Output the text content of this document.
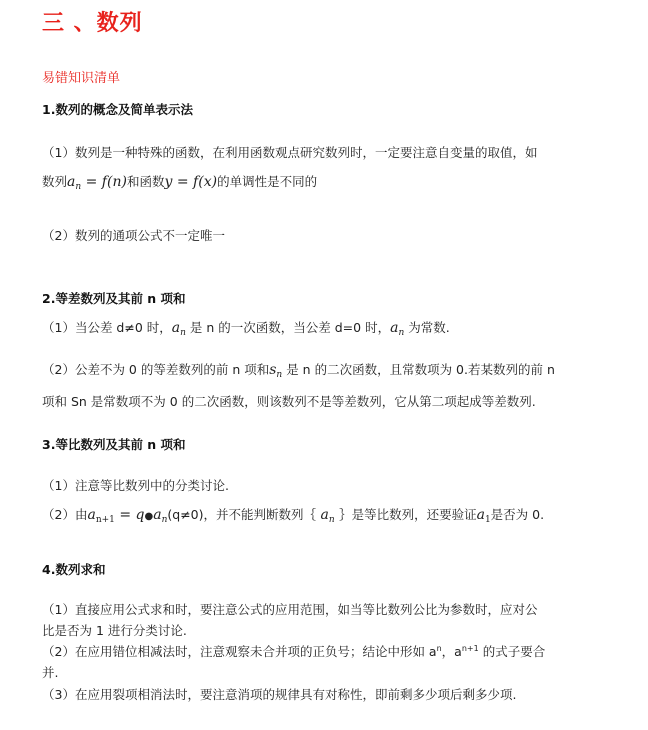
三 、数列
易错知识清单
1.数列的概念及简单表示法
（1）数列是一种特殊的函数，在利用函数观点研究数列时，一定要注意自变量的取值，如
数列$a_n = f(n)$和函数y = f(x)的单调性是不同的
（2）数列的通项公式不一定唯一
2.等差数列及其前 n 项和
（1）当公差 d≠0 时，$a_n$ 是 n 的一次函数，当公差 d=0 时，$a_n$ 为常数.
（2）公差不为 0 的等差数列的前 n 项和$s_n$ 是 n 的二次函数，且常数项为 0.若某数列的前 n
项和 Sn 是常数项不为 0 的二次函数，则该数列不是等差数列，它从第二项起成等差数列.
3.等比数列及其前 n 项和
（1）注意等比数列中的分类讨论.
（2）由$a_{n+1}$ = $q●a_n(q\ne 0)$，并不能判断数列｛ $a_n$ ｝是等比数列，还要验证$a_1$是否为 0.
4.数列求和
（1）直接应用公式求和时，要注意公式的应用范围，如当等比数列公比为参数时，应对公
比是否为 1 进行分类讨论.
（2）在应用错位相减法时，注意观察未合并项的正负号；结论中形如 $a^n$，$a^{n+1}$ 的式子要合
并.
（3）在应用裂项相消法时，要注意消项的规律具有对称性，即前剩多少项后剩多少项.
